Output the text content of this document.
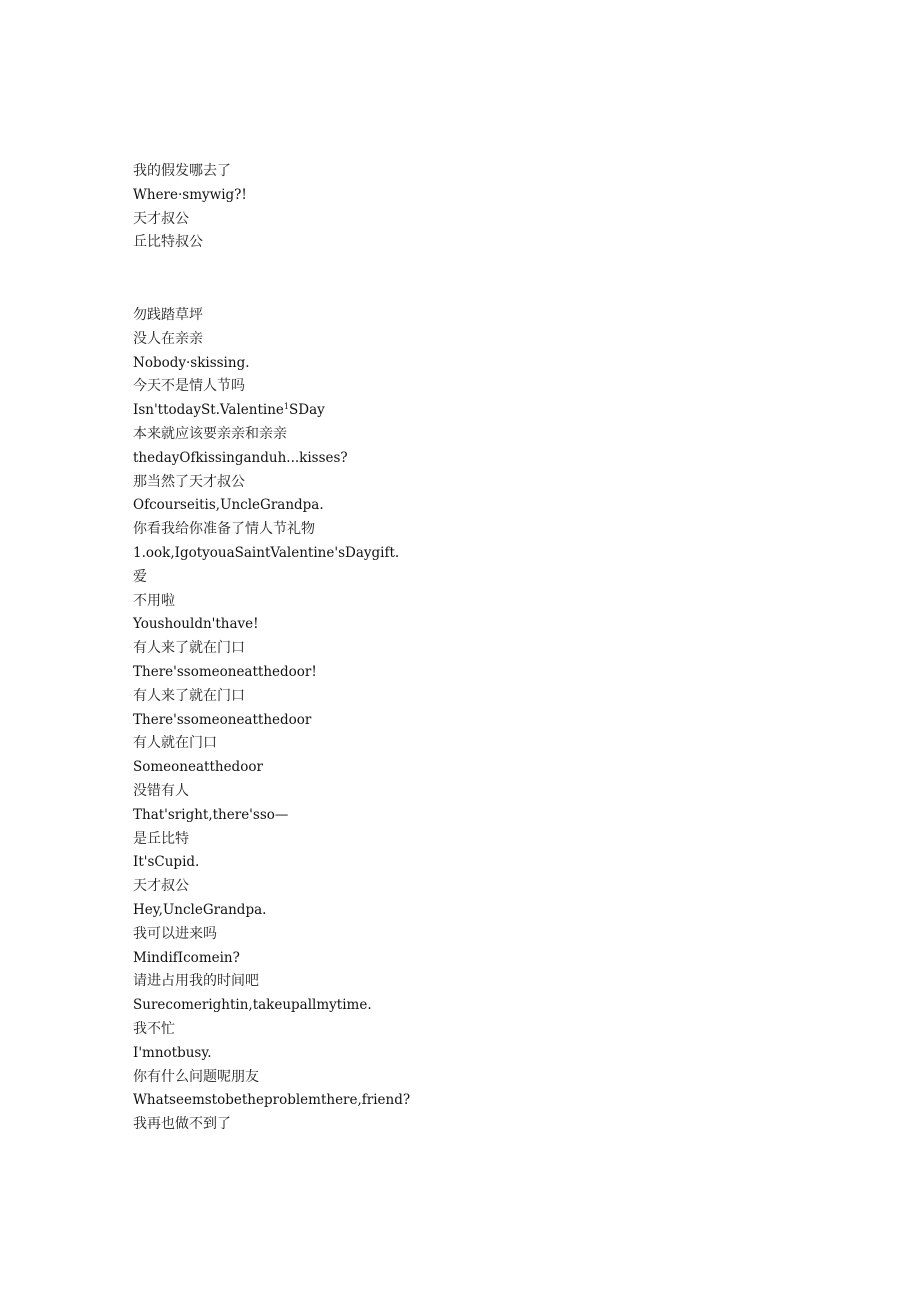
我的假发哪去了
Where·smywig?!
天才叔公
丘比特叔公
勿践踏草坪
没人在亲亲
Nobody·skissing.
今天不是情人节吗
Isn'ttodaySt.Valentine$^1$SDay
本来就应该要亲亲和亲亲
thedayOfkissinganduh...kisses?
那当然了天才叔公
Ofcourseitis,UncleGrandpa.
你看我给你准备了情人节礼物
1.ook,IgotyouaSaintValentine'sDaygift.
爱
不用啦
Youshouldn'thave!
有人来了就在门口
There'ssomeoneatthedoor!
有人来了就在门口
There'ssomeoneatthedoor
有人就在门口
Someoneatthedoor
没错有人
That'sright,there'sso—
是丘比特
It'sCupid.
天才叔公
Hey,UncleGrandpa.
我可以进来吗
MindifIcomein?
请进占用我的时间吧
Surecomerightin,takeupallmytime.
我不忙
I'mnotbusy.
你有什么问题呢朋友
Whatseemstobetheproblemthere,friend?
我再也做不到了
